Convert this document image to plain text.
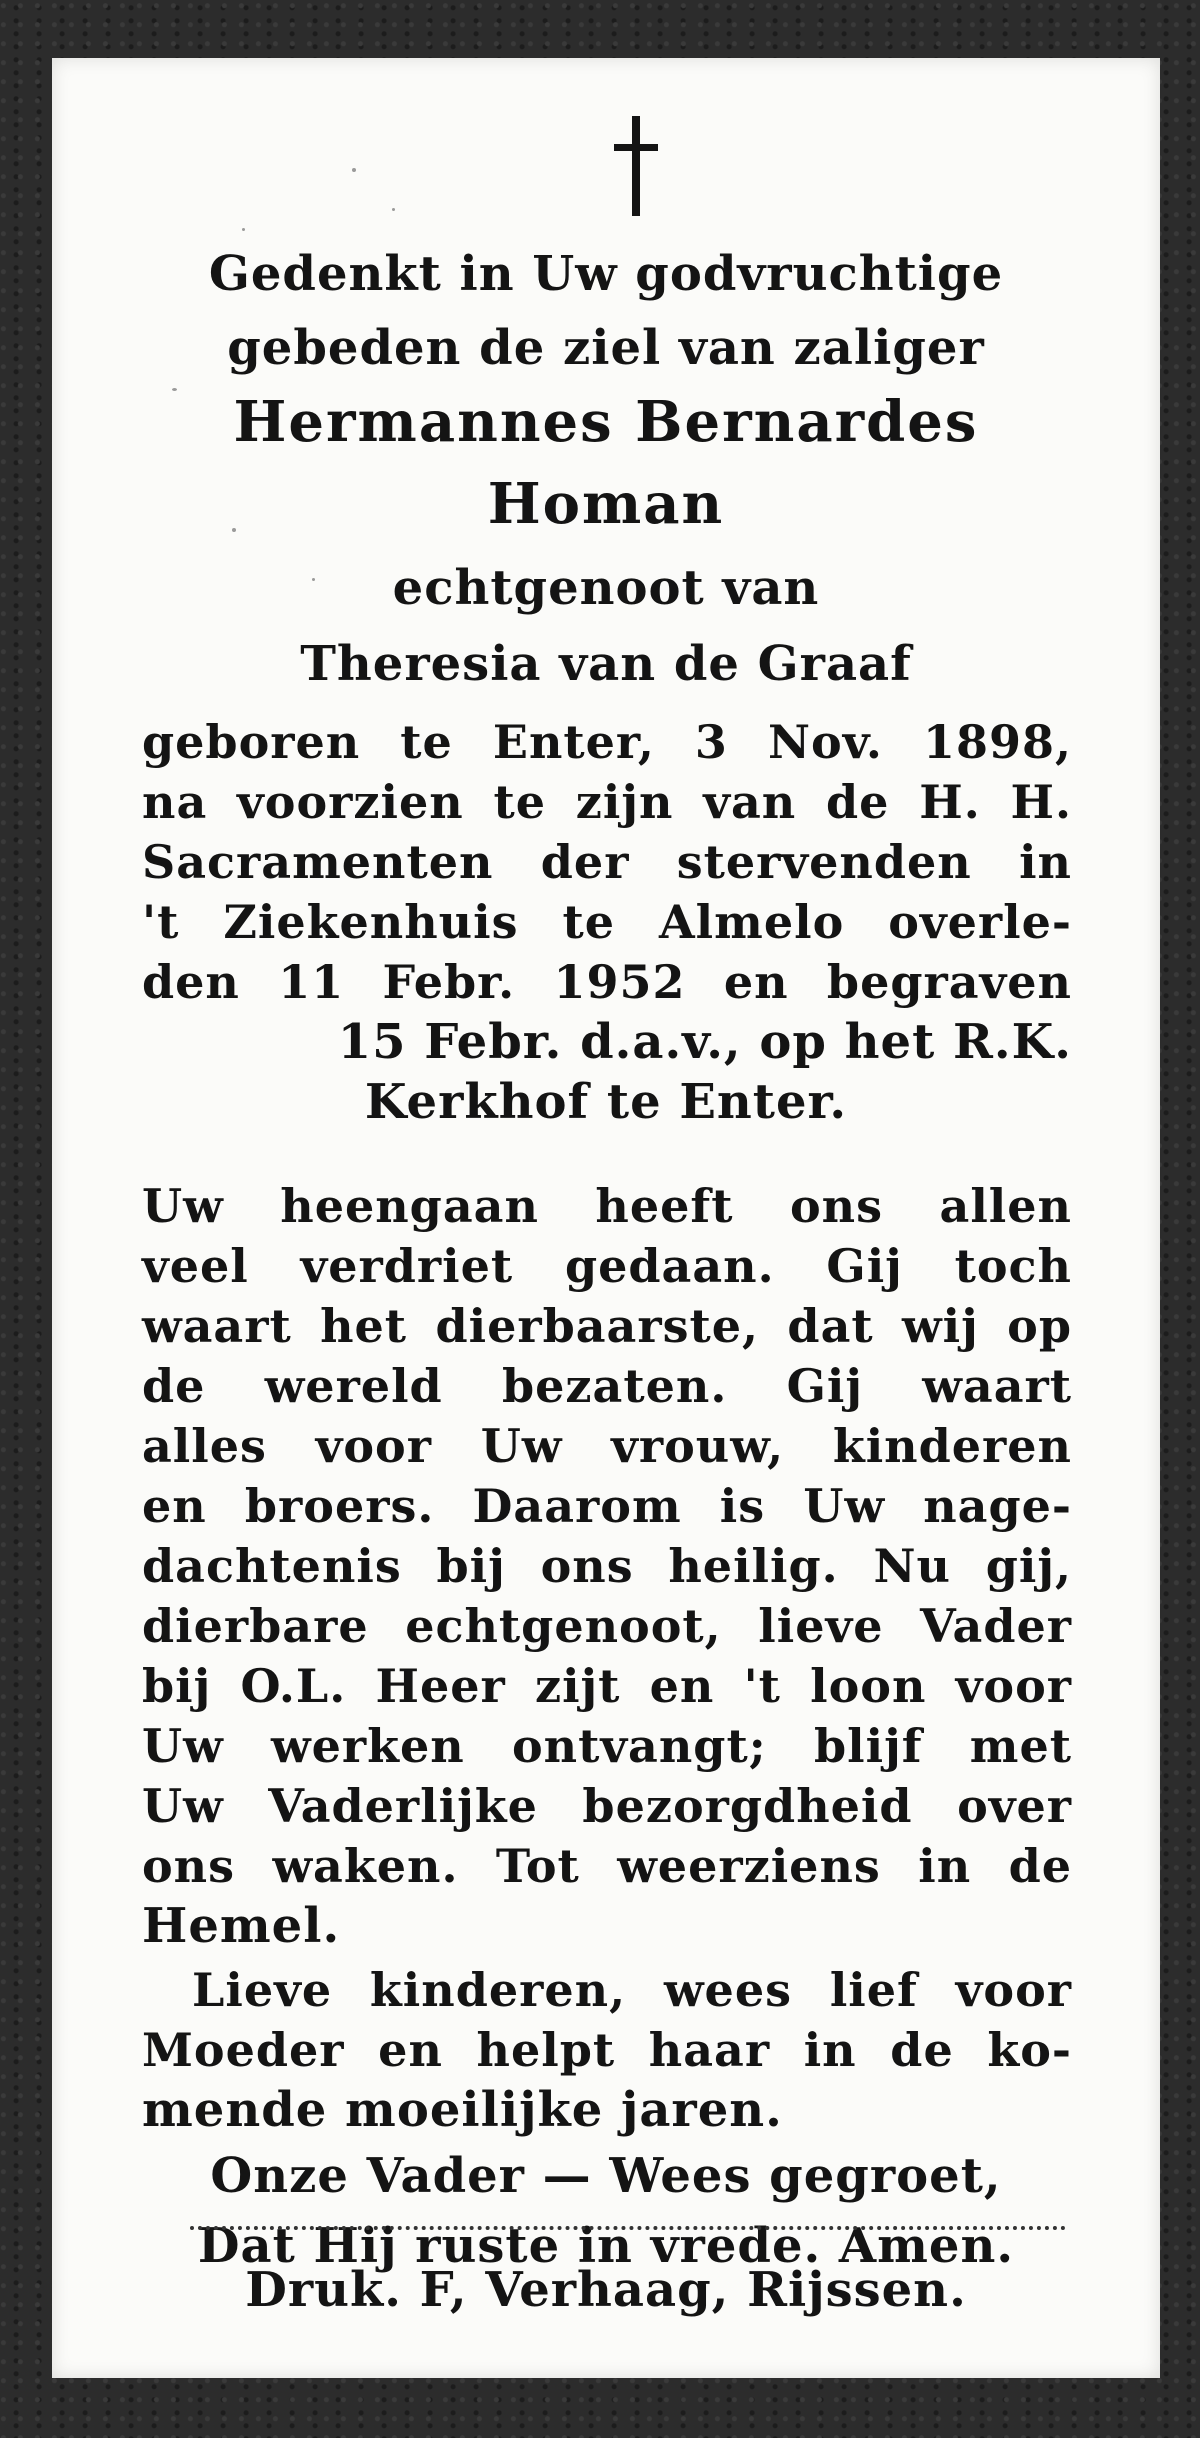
Gedenkt in Uw godvruchtige
gebeden de ziel van zaliger
Hermannes Bernardes
Homan
echtgenoot van
Theresia van de Graaf
geboren te Enter, 3 Nov. 1898,
na voorzien te zijn van de H. H.
Sacramenten der stervenden in
't Ziekenhuis te Almelo overle-
den 11 Febr. 1952 en begraven
15 Febr. d.a.v., op het R.K.
Kerkhof te Enter.
Uw heengaan heeft ons allen
veel verdriet gedaan. Gij toch
waart het dierbaarste, dat wij op
de wereld bezaten. Gij waart
alles voor Uw vrouw, kinderen
en broers. Daarom is Uw nage-
dachtenis bij ons heilig. Nu gij,
dierbare echtgenoot, lieve Vader
bij O.L. Heer zijt en 't loon voor
Uw werken ontvangt; blijf met
Uw Vaderlijke bezorgdheid over
ons waken. Tot weerziens in de
Hemel.
Lieve kinderen, wees lief voor
Moeder en helpt haar in de ko-
mende moeilijke jaren.
Onze Vader — Wees gegroet,
Dat Hij ruste in vrede. Amen.
Druk. F, Verhaag, Rijssen.
